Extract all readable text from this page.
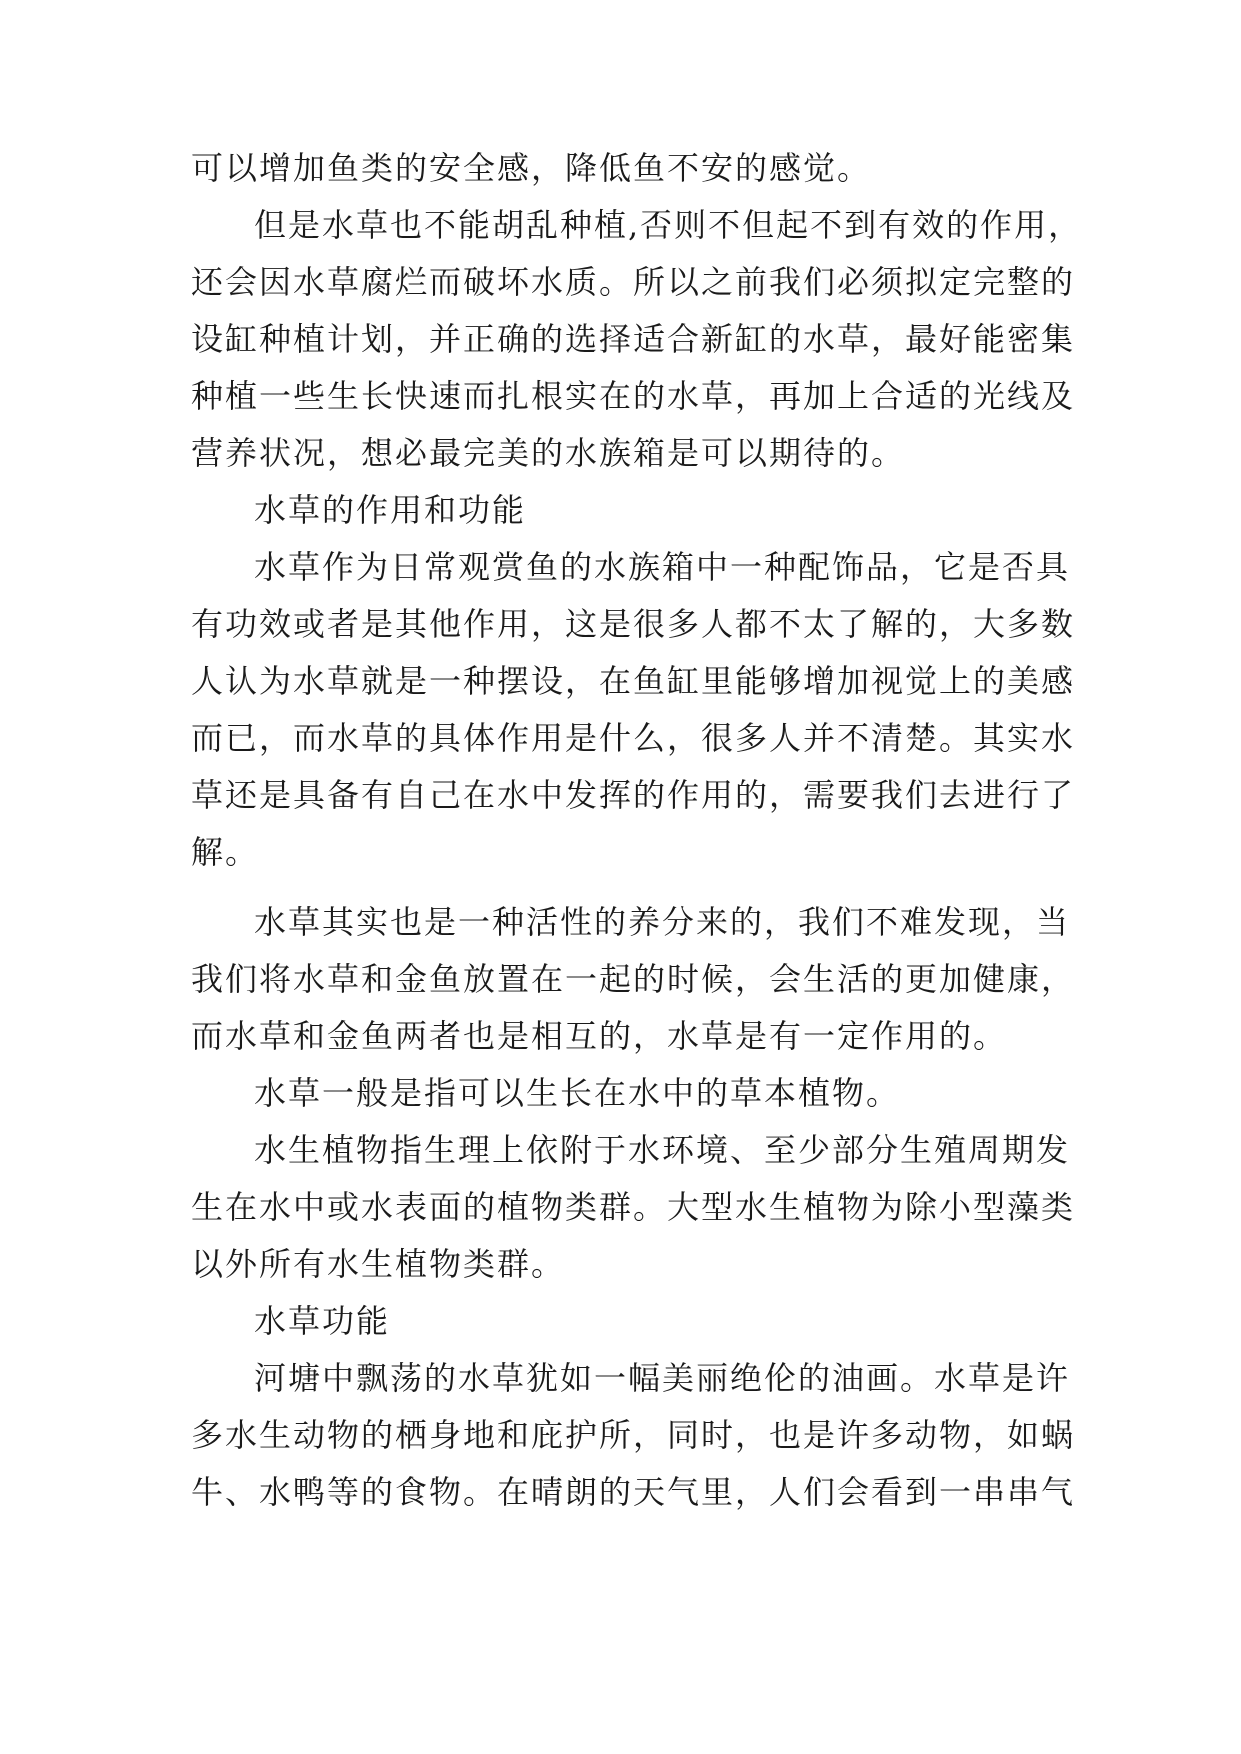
可以增加鱼类的安全感，降低鱼不安的感觉。
但是水草也不能胡乱种植,否则不但起不到有效的作用，
还会因水草腐烂而破坏水质。所以之前我们必须拟定完整的
设缸种植计划，并正确的选择适合新缸的水草，最好能密集
种植一些生长快速而扎根实在的水草，再加上合适的光线及
营养状况，想必最完美的水族箱是可以期待的。
水草的作用和功能
水草作为日常观赏鱼的水族箱中一种配饰品，它是否具
有功效或者是其他作用，这是很多人都不太了解的，大多数
人认为水草就是一种摆设，在鱼缸里能够增加视觉上的美感
而已，而水草的具体作用是什么，很多人并不清楚。其实水
草还是具备有自己在水中发挥的作用的，需要我们去进行了
解。
水草其实也是一种活性的养分来的，我们不难发现，当
我们将水草和金鱼放置在一起的时候，会生活的更加健康，
而水草和金鱼两者也是相互的，水草是有一定作用的。
水草一般是指可以生长在水中的草本植物。
水生植物指生理上依附于水环境、至少部分生殖周期发
生在水中或水表面的植物类群。大型水生植物为除小型藻类
以外所有水生植物类群。
水草功能
河塘中飘荡的水草犹如一幅美丽绝伦的油画。水草是许
多水生动物的栖身地和庇护所，同时，也是许多动物，如蜗
牛、水鸭等的食物。在晴朗的天气里，人们会看到一串串气
